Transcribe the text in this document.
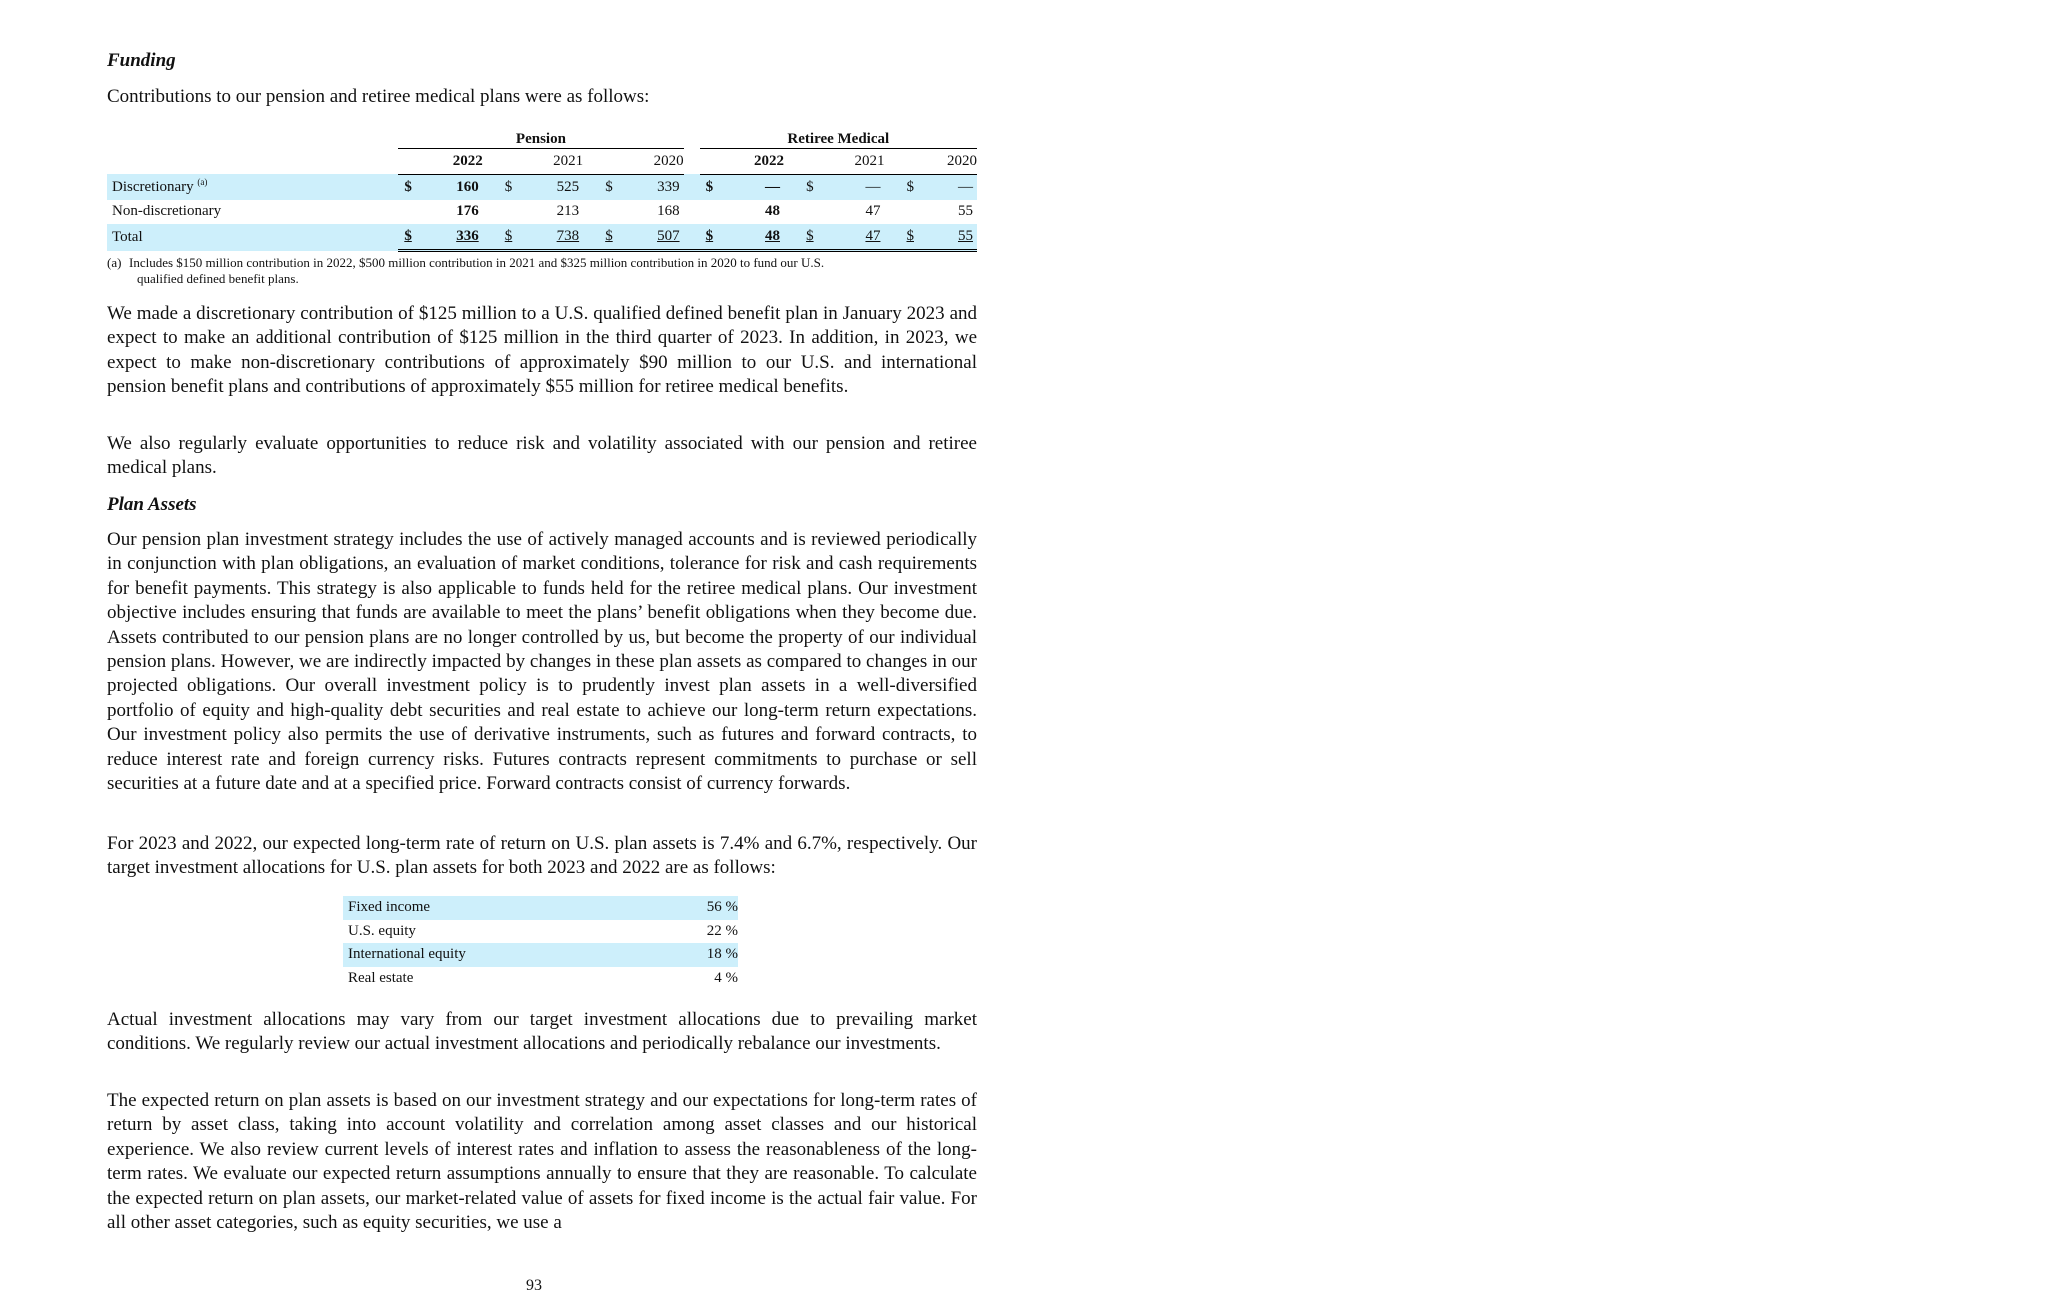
Funding

Contributions to our pension and retiree medical plans were as follows:

		Pension									Retiree Medical							
			2022			2021			2020			2022			2021			2020
Discretionary $^{(a)}$		$	160		$	525		$	339		$	—		$	—		$	—
Non-discretionary			176			213			168			48			47			55
Total		$	336		$	738		$	507		$	48		$	47		$	55
(a) Includes $150 million contribution in 2022, $500 million contribution in 2021 and $325 million contribution in 2020 to fund our U.S.
qualified defined benefit plans.

We made a discretionary contribution of $125 million to a U.S. qualified defined benefit plan in January 2023 and expect to make an additional contribution of $125 million in the third quarter of 2023. In addition, in 2023, we expect to make non-discretionary contributions of approximately $90 million to our U.S. and international pension benefit plans and contributions of approximately $55 million for retiree medical benefits.

We also regularly evaluate opportunities to reduce risk and volatility associated with our pension and retiree medical plans.

Plan Assets

Our pension plan investment strategy includes the use of actively managed accounts and is reviewed periodically in conjunction with plan obligations, an evaluation of market conditions, tolerance for risk and cash requirements for benefit payments. This strategy is also applicable to funds held for the retiree medical plans. Our investment objective includes ensuring that funds are available to meet the plans’ benefit obligations when they become due. Assets contributed to our pension plans are no longer controlled by us, but become the property of our individual pension plans. However, we are indirectly impacted by changes in these plan assets as compared to changes in our projected obligations. Our overall investment policy is to prudently invest plan assets in a well-diversified portfolio of equity and high-quality debt securities and real estate to achieve our long-term return expectations. Our investment policy also permits the use of derivative instruments, such as futures and forward contracts, to reduce interest rate and foreign currency risks. Futures contracts represent commitments to purchase or sell securities at a future date and at a specified price. Forward contracts consist of currency forwards.

For 2023 and 2022, our expected long-term rate of return on U.S. plan assets is 7.4% and 6.7%, respectively. Our target investment allocations for U.S. plan assets for both 2023 and 2022 are as follows:

Fixed income	56 %
U.S. equity	22 %
International equity	18 %
Real estate	4 %

Actual investment allocations may vary from our target investment allocations due to prevailing market conditions. We regularly review our actual investment allocations and periodically rebalance our investments.

The expected return on plan assets is based on our investment strategy and our expectations for long-term rates of return by asset class, taking into account volatility and correlation among asset classes and our historical experience. We also review current levels of interest rates and inflation to assess the reasonableness of the long-term rates. We evaluate our expected return assumptions annually to ensure that they are reasonable. To calculate the expected return on plan assets, our market-related value of assets for fixed income is the actual fair value. For all other asset categories, such as equity securities, we use a

93
